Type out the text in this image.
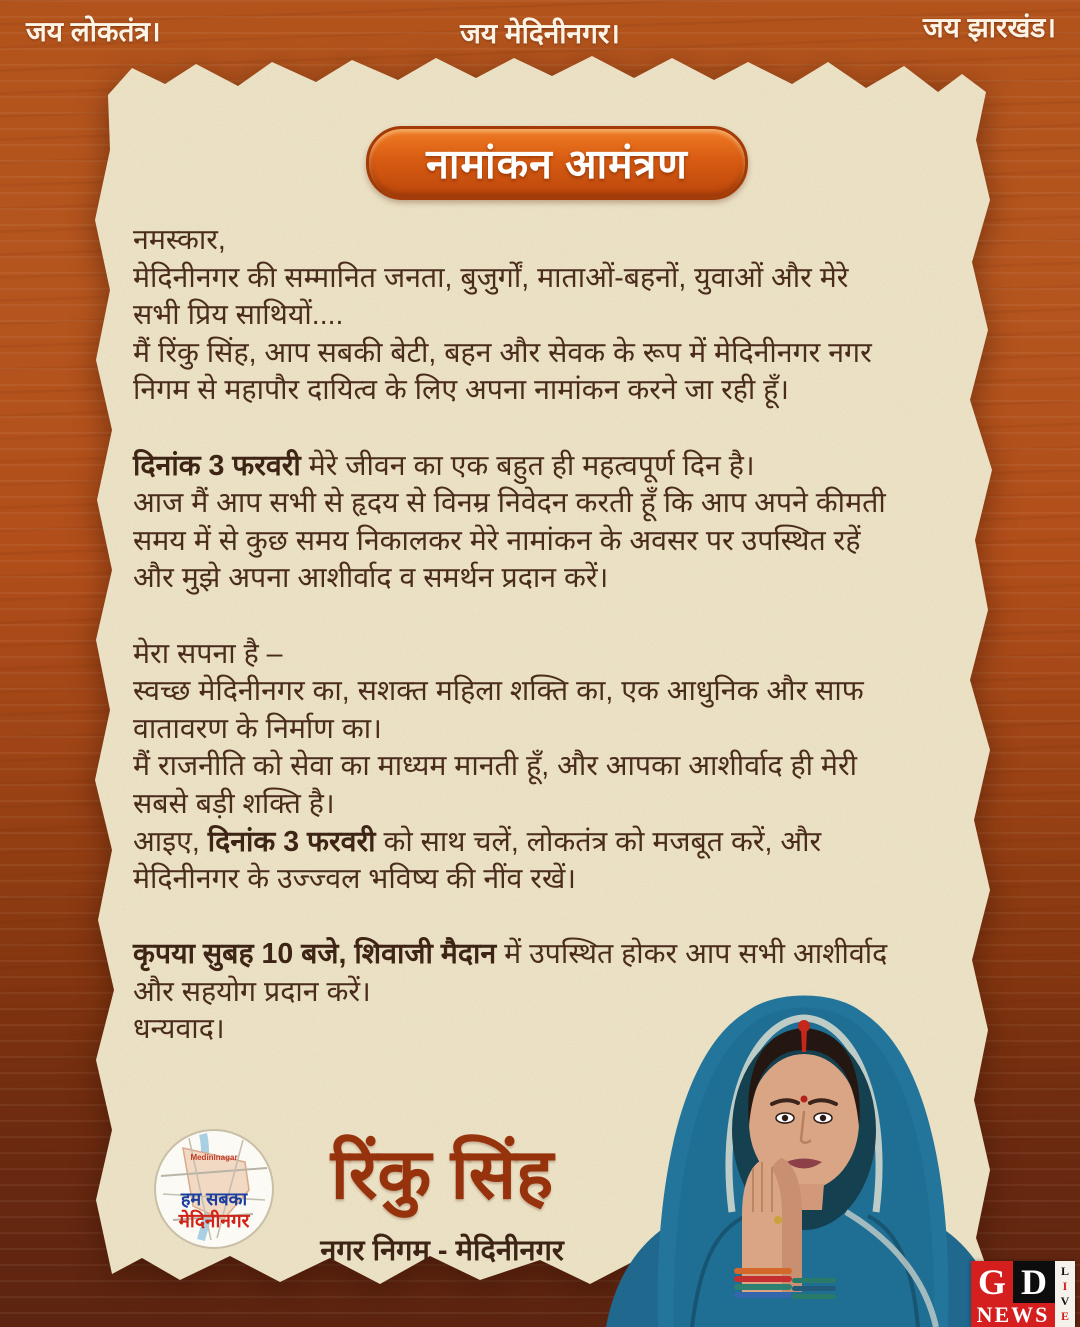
जय लोकतंत्र।	जय मेदिनीनगर।	जय झारखंड।
नामांकन आमंत्रण
नमस्कार,
मेदिनीनगर की सम्मानित जनता, बुजुर्गों, माताओं-बहनों, युवाओं और मेरे
सभी प्रिय साथियों....
मैं रिंकु सिंह, आप सबकी बेटी, बहन और सेवक के रूप में मेदिनीनगर नगर
निगम से महापौर दायित्व के लिए अपना नामांकन करने जा रही हूँ।
दिनांक 3 फरवरी मेरे जीवन का एक बहुत ही महत्वपूर्ण दिन है।
आज मैं आप सभी से हृदय से विनम्र निवेदन करती हूँ कि आप अपने कीमती
समय में से कुछ समय निकालकर मेरे नामांकन के अवसर पर उपस्थित रहें
और मुझे अपना आशीर्वाद व समर्थन प्रदान करें।
मेरा सपना है –
स्वच्छ मेदिनीनगर का, सशक्त महिला शक्ति का, एक आधुनिक और साफ
वातावरण के निर्माण का।
मैं राजनीति को सेवा का माध्यम मानती हूँ, और आपका आशीर्वाद ही मेरी
सबसे बड़ी शक्ति है।
आइए, दिनांक 3 फरवरी को साथ चलें, लोकतंत्र को मजबूत करें, और
मेदिनीनगर के उज्ज्वल भविष्य की नींव रखें।
कृपया सुबह 10 बजे, शिवाजी मैदान में उपस्थित होकर आप सभी आशीर्वाद
और सहयोग प्रदान करें।
धन्यवाद।
Medininagar
हम सबका
मेदिनीनगर
रिंकु सिंह
नगर निगम - मेदिनीनगर
G D
NEWS
L
I
V
E
